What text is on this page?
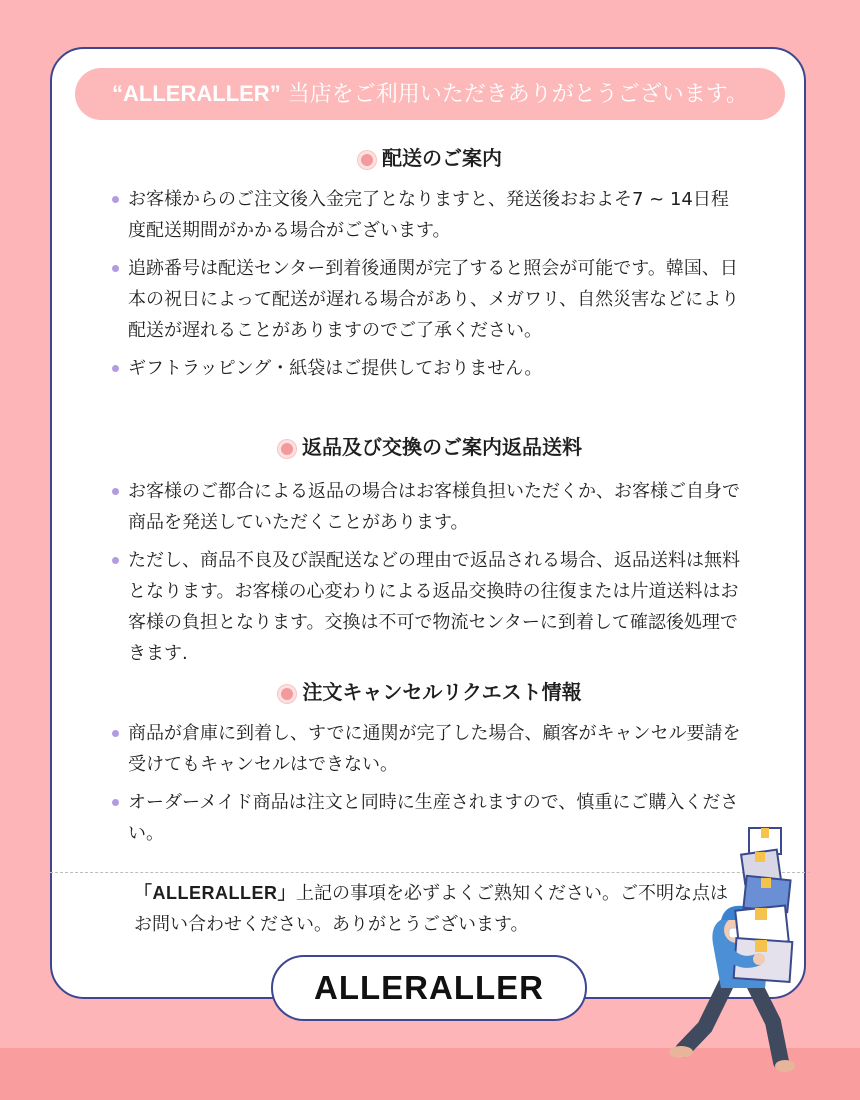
“ALLERALLER” 当店をご利用いただきありがとうございます。
配送のご案内
お客様からのご注文後入金完了となりますと、発送後おおよそ7 ~ 14日程度配送期間がかかる場合がございます。
追跡番号は配送センター到着後通関が完了すると照会が可能です。韓国、日本の祝日によって配送が遅れる場合があり、メガワリ、自然災害などにより配送が遅れることがありますのでご了承ください。
ギフトラッピング・紙袋はご提供しておりません。
返品及び交換のご案内返品送料
お客様のご都合による返品の場合はお客様負担いただくか、お客様ご自身で商品を発送していただくことがあります。
ただし、商品不良及び誤配送などの理由で返品される場合、返品送料は無料となります。お客様の心変わりによる返品交換時の往復または片道送料はお客様の負担となります。交換は不可で物流センターに到着して確認後処理できます.
注文キャンセルリクエスト情報
商品が倉庫に到着し、すでに通関が完了した場合、顧客がキャンセル要請を受けてもキャンセルはできない。
オーダーメイド商品は注文と同時に生産されますので、慎重にご購入ください。
「ALLERALLER」上記の事項を必ずよくご熟知ください。ご不明な点はお問い合わせください。ありがとうございます。
ALLERALLER
